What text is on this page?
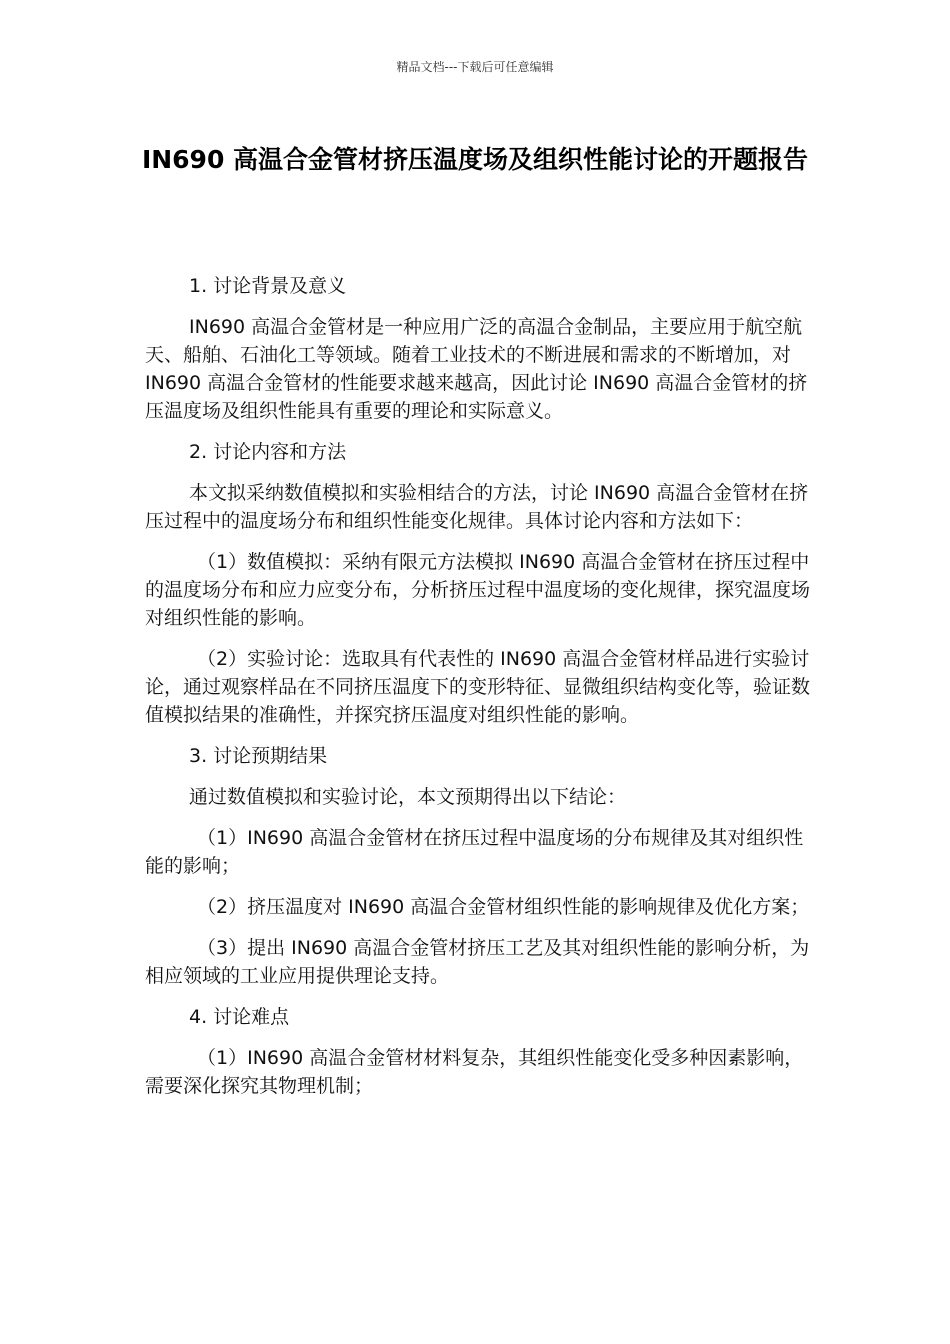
精品文档---下载后可任意编辑
IN690 高温合金管材挤压温度场及组织性能讨论的开题报告

1. 讨论背景及意义

IN690 高温合金管材是一种应用广泛的高温合金制品，主要应用于航空航天、船舶、石油化工等领域。随着工业技术的不断进展和需求的不断增加，对 IN690 高温合金管材的性能要求越来越高，因此讨论 IN690 高温合金管材的挤压温度场及组织性能具有重要的理论和实际意义。

2. 讨论内容和方法

本文拟采纳数值模拟和实验相结合的方法，讨论 IN690 高温合金管材在挤压过程中的温度场分布和组织性能变化规律。具体讨论内容和方法如下：

（1）数值模拟：采纳有限元方法模拟 IN690 高温合金管材在挤压过程中的温度场分布和应力应变分布，分析挤压过程中温度场的变化规律，探究温度场对组织性能的影响。

（2）实验讨论：选取具有代表性的 IN690 高温合金管材样品进行实验讨论，通过观察样品在不同挤压温度下的变形特征、显微组织结构变化等，验证数值模拟结果的准确性，并探究挤压温度对组织性能的影响。

3. 讨论预期结果

通过数值模拟和实验讨论，本文预期得出以下结论：

（1）IN690 高温合金管材在挤压过程中温度场的分布规律及其对组织性能的影响；

（2）挤压温度对 IN690 高温合金管材组织性能的影响规律及优化方案；

（3）提出 IN690 高温合金管材挤压工艺及其对组织性能的影响分析，为相应领域的工业应用提供理论支持。

4. 讨论难点

（1）IN690 高温合金管材材料复杂，其组织性能变化受多种因素影响，需要深化探究其物理机制；
